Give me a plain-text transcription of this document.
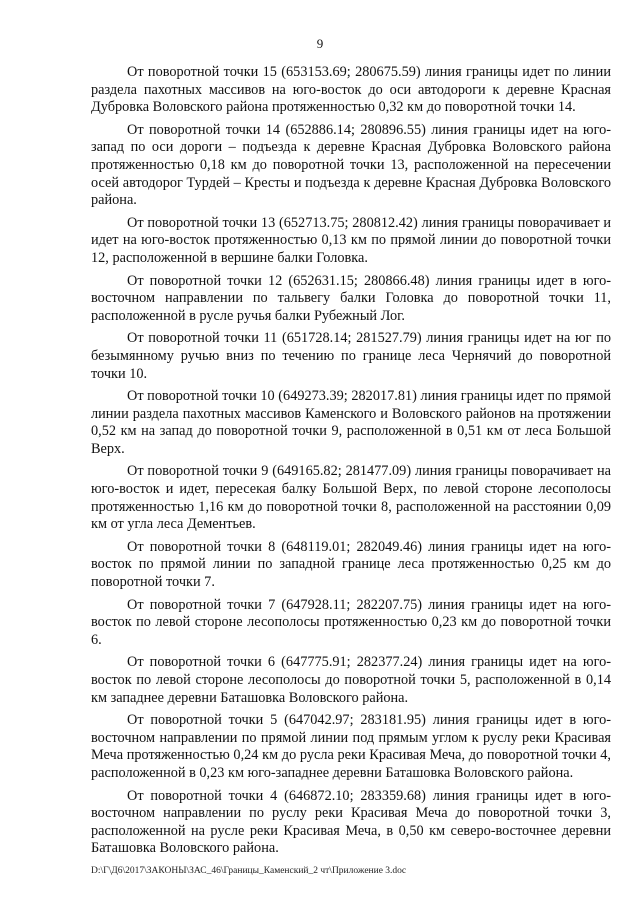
9

От поворотной точки 15 (653153.69; 280675.59) линия границы идет по линии раздела пахотных массивов на юго-восток до оси автодороги к деревне Красная Дубровка Воловского района протяженностью 0,32 км до поворотной точки 14.

От поворотной точки 14 (652886.14; 280896.55) линия границы идет на юго-запад по оси дороги – подъезда к деревне Красная Дубровка Воловского района протяженностью 0,18 км до поворотной точки 13, расположенной на пересечении осей автодорог Турдей – Кресты и подъезда к деревне Красная Дубровка Воловского района.

От поворотной точки 13 (652713.75; 280812.42) линия границы поворачивает и идет на юго-восток протяженностью 0,13 км по прямой линии до поворотной точки 12, расположенной в вершине балки Головка.

От поворотной точки 12 (652631.15; 280866.48) линия границы идет в юго-восточном направлении по тальвегу балки Головка до поворотной точки 11, расположенной в русле ручья балки Рубежный Лог.

От поворотной точки 11 (651728.14; 281527.79) линия границы идет на юг по безымянному ручью вниз по течению по границе леса Чернячий до поворотной точки 10.

От поворотной точки 10 (649273.39; 282017.81) линия границы идет по прямой линии раздела пахотных массивов Каменского и Воловского районов на протяжении 0,52 км на запад до поворотной точки 9, расположенной в 0,51 км от леса Большой Верх.

От поворотной точки 9 (649165.82; 281477.09) линия границы поворачивает на юго-восток и идет, пересекая балку Большой Верх, по левой стороне лесополосы протяженностью 1,16 км до поворотной точки 8, расположенной на расстоянии 0,09 км от угла леса Дементьев.

От поворотной точки 8 (648119.01; 282049.46) линия границы идет на юго-восток по прямой линии по западной границе леса протяженностью 0,25 км до поворотной точки 7.

От поворотной точки 7 (647928.11; 282207.75) линия границы идет на юго-восток по левой стороне лесополосы протяженностью 0,23 км до поворотной точки 6.

От поворотной точки 6 (647775.91; 282377.24) линия границы идет на юго-восток по левой стороне лесополосы до поворотной точки 5, расположенной в 0,14 км западнее деревни Баташовка Воловского района.

От поворотной точки 5 (647042.97; 283181.95) линия границы идет в юго-восточном направлении по прямой линии под прямым углом к руслу реки Красивая Меча протяженностью 0,24 км до русла реки Красивая Меча, до поворотной точки 4, расположенной в 0,23 км юго-западнее деревни Баташовка Воловского района.

От поворотной точки 4 (646872.10; 283359.68) линия границы идет в юго-восточном направлении по руслу реки Красивая Меча до поворотной точки 3, расположенной на русле реки Красивая Меча, в 0,50 км северо-восточнее деревни Баташовка Воловского района.

D:\Г\Д6\2017\ЗАКОНЫ\ЗАС_46\Границы_Каменский_2 чт\Приложение 3.doc
